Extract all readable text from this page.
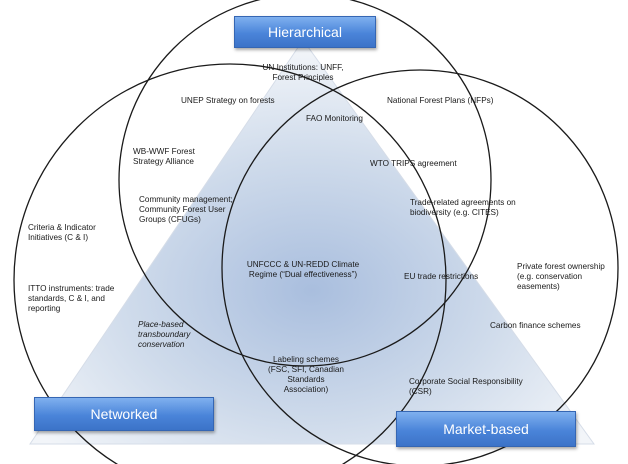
Hierarchical
Networked
Market-based
UN Institutions: UNFF,
Forest Principles
UNEP Strategy on forests	National Forest Plans (NFPs)
FAO Monitoring
WB-WWF Forest
Strategy Alliance	WTO TRIPS agreement
Community management;
Community Forest User
Groups (CFUGs)
Trade-related agreements on
biodiversity (e.g. CITES)
Criteria & Indicator
Initiatives (C & I)
UNFCCC & UN-REDD Climate
Regime (“Dual effectiveness”)
ITTO instruments: trade
standards, C & I, and
reporting
EU trade restrictions
Private forest ownership
(e.g. conservation
easements)
Place-based
transboundary
conservation
Carbon finance schemes
Labeling schemes
(FSC, SFI, Canadian
Standards
Association)
Corporate Social Responsibility
(CSR)
